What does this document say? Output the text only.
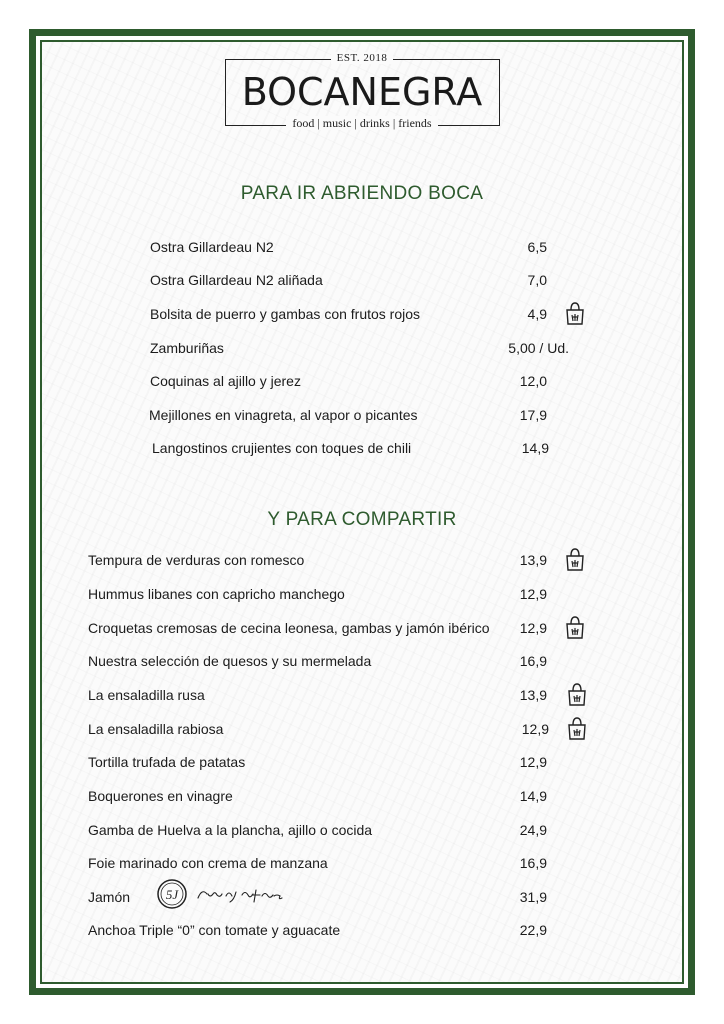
EST. 2018
BOCANEGRA
food | music | drinks | friends
PARA IR ABRIENDO BOCA
Ostra Gillardeau N2	6,5
Ostra Gillardeau N2 aliñada	7,0
Bolsita de puerro y gambas con frutos rojos	4,9
Zamburiñas	5,00 / Ud.
Coquinas al ajillo y jerez	12,0
Mejillones en vinagreta, al vapor o picantes	17,9
Langostinos crujientes con toques de chili	14,9
Y PARA COMPARTIR
Tempura de verduras con romesco	13,9
Hummus libanes con capricho manchego	12,9
Croquetas cremosas de cecina leonesa, gambas y jamón ibérico 12,9
Nuestra selección de quesos y su mermelada	16,9
La ensaladilla rusa	13,9
La ensaladilla rabiosa	12,9
Tortilla trufada de patatas	12,9
Boquerones en vinagre	14,9
Gamba de Huelva a la plancha, ajillo o cocida	24,9
Foie marinado con crema de manzana	16,9
Jamón	31,9
Anchoa Triple “0” con tomate y aguacate	22,9
5J
